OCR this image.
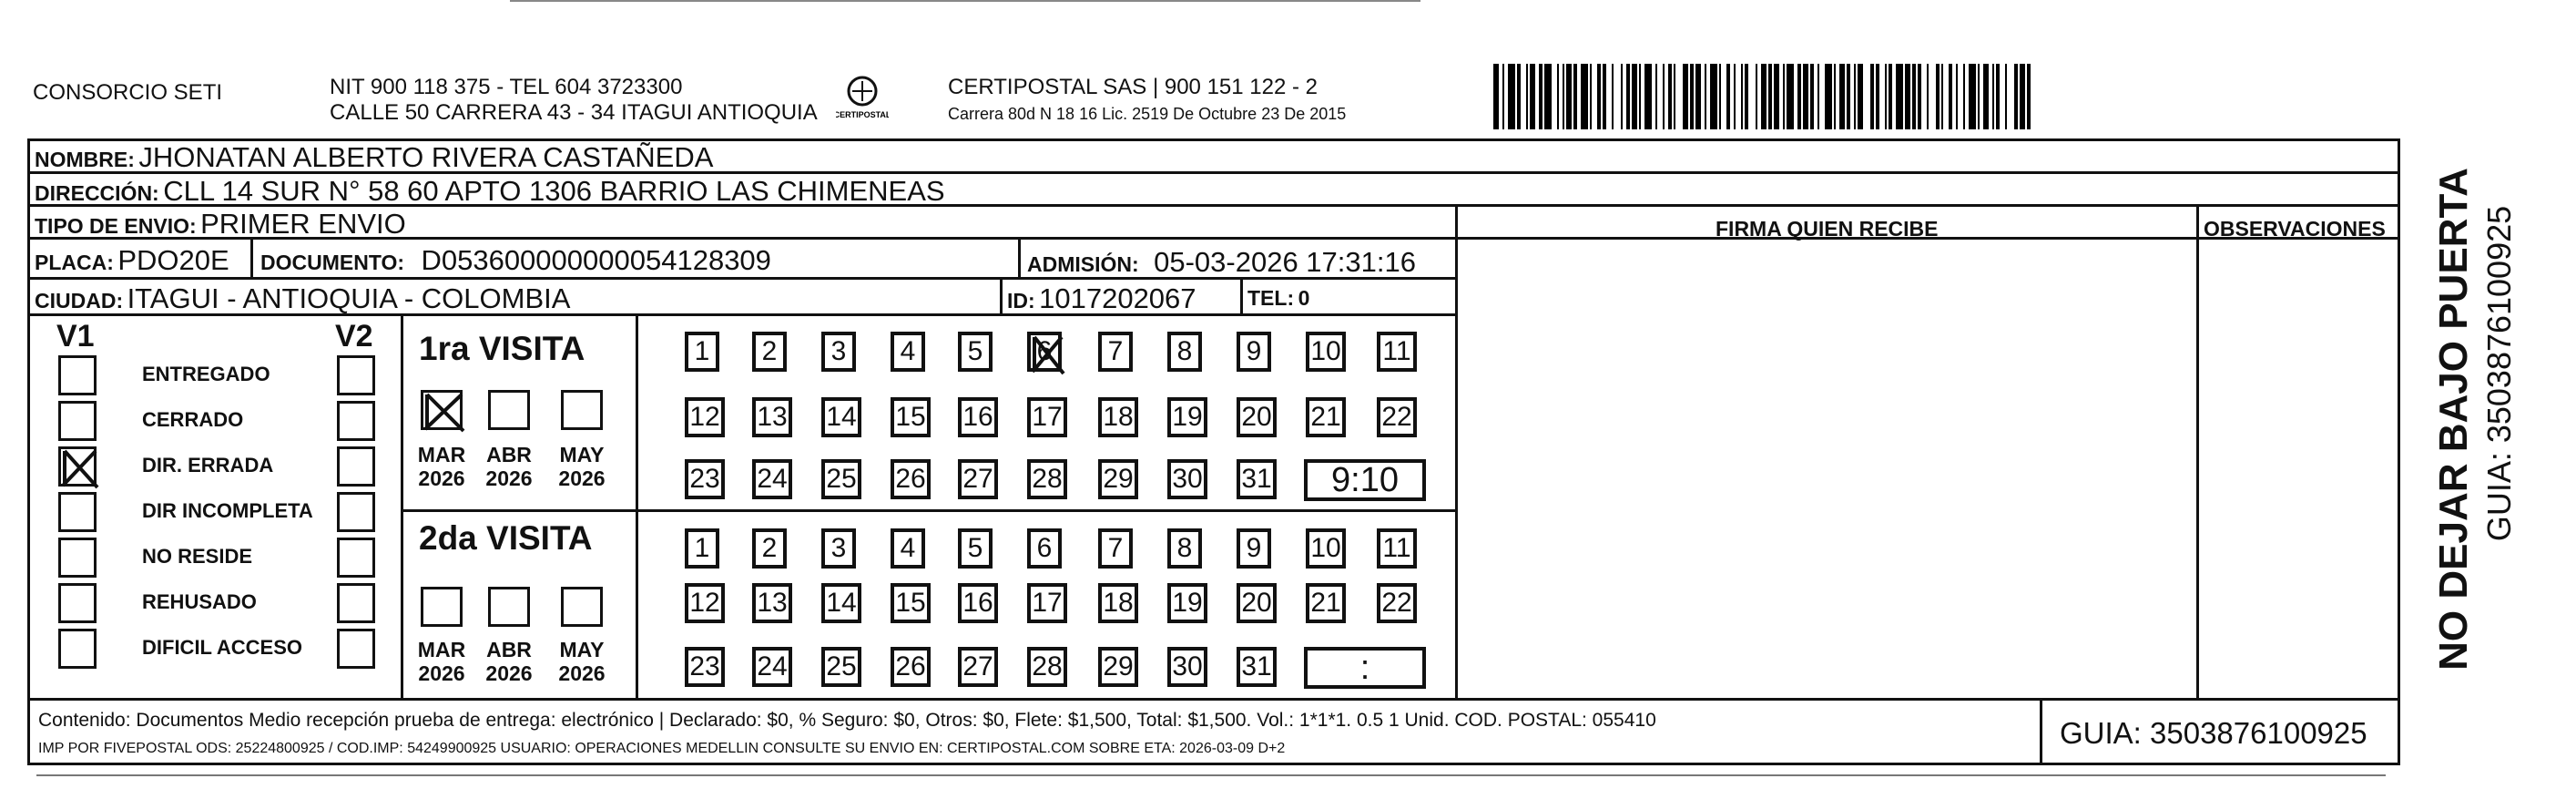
CONSORCIO SETI	NIT 900 118 375 - TEL 604 3723300
CALLE 50 CARRERA 43 - 34 ITAGUI ANTIOQUIA CERTIPOSTAL
CERTIPOSTAL SAS | 900 151 122 - 2
Carrera 80d N 18 16 Lic. 2519 De Octubre 23 De 2015
NOMBRE: JHONATAN ALBERTO RIVERA CASTAÑEDA
DIRECCIÓN: CLL 14 SUR N° 58 60 APTO 1306 BARRIO LAS CHIMENEAS
TIPO DE ENVIO: PRIMER ENVIO	FIRMA QUIEN RECIBE	OBSERVACIONES
PLACA: PDO20E DOCUMENTO: D053600000000054128309	ADMISIÓN: 05-03-2026 17:31:16
CIUDAD: ITAGUI - ANTIOQUIA - COLOMBIA	ID: 1017202067 TEL: 0
V1	V2
ENTREGADO
CERRADO
DIR. ERRADA
DIR INCOMPLETA
NO RESIDE
REHUSADO
DIFICIL ACCESO
1ra VISITA
MAR
2026
ABR
2026
MAY
2026
1 2 3 4 5 6 7 8 9 10 11
12 13 14 15 16 17 18 19 20 21 22
23 24 25 26 27 28 29 30 31 9:10
2da VISITA
MAR
2026
ABR
2026
MAY
2026
1 2 3 4 5 6 7 8 9 10 11
12 13 14 15 16 17 18 19 20 21 22
23 24 25 26 27 28 29 30 31	:
Contenido: Documentos Medio recepción prueba de entrega: electrónico | Declarado: $0, % Seguro: $0, Otros: $0, Flete: $1,500, Total: $1,500. Vol.: 1*1*1. 0.5 1 Unid. COD. POSTAL: 055410
IMP POR FIVEPOSTAL ODS: 25224800925 / COD.IMP: 54249900925 USUARIO: OPERACIONES MEDELLIN CONSULTE SU ENVIO EN: CERTIPOSTAL.COM SOBRE ETA: 2026-03-09 D+2	GUIA: 3503876100925
NO DEJAR BAJO PUERTA GUIA: 3503876100925
